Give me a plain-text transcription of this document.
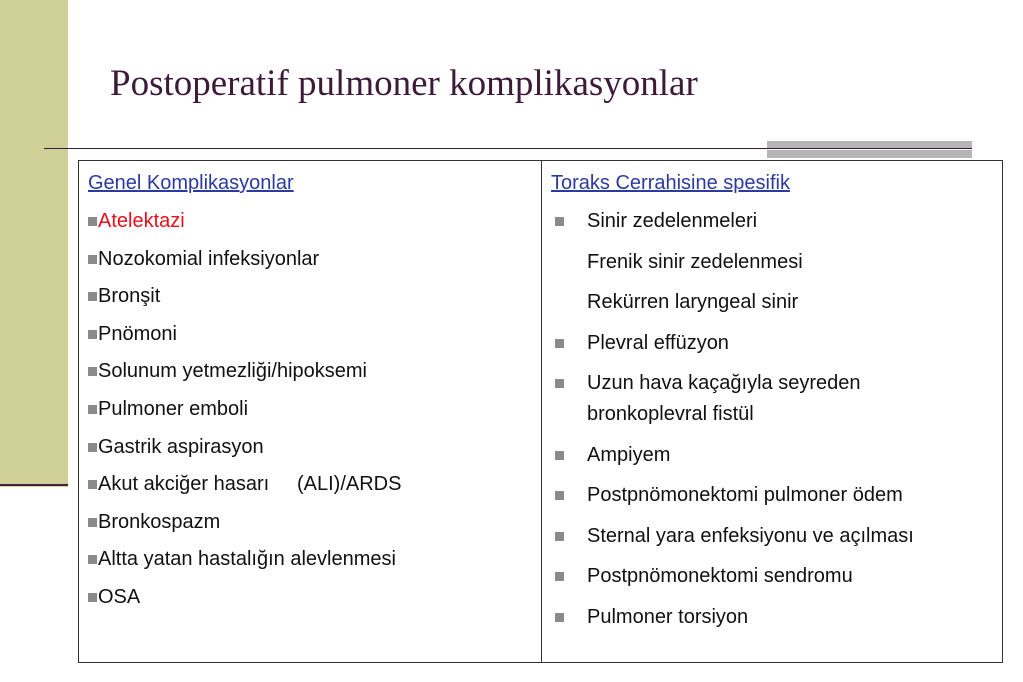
Postoperatif pulmoner komplikasyonlar
Genel Komplikasyonlar
Atelektazi
Nozokomial infeksiyonlar
Bronşit
Pnömoni
Solunum yetmezliği/hipoksemi
Pulmoner emboli
Gastrik aspirasyon
Akut akciğer hasarı     (ALI)/ARDS
Bronkospazm
Altta yatan hastalığın alevlenmesi
OSA
Toraks Cerrahisine spesifik
Sinir zedelenmeleri
Frenik sinir zedelenmesi
Rekürren laryngeal sinir
Plevral effüzyon
Uzun hava kaçağıyla seyreden bronkoplevral fistül
Ampiyem
Postpnömonektomi pulmoner ödem
Sternal yara enfeksiyonu ve açılması
Postpnömonektomi sendromu
Pulmoner torsiyon
